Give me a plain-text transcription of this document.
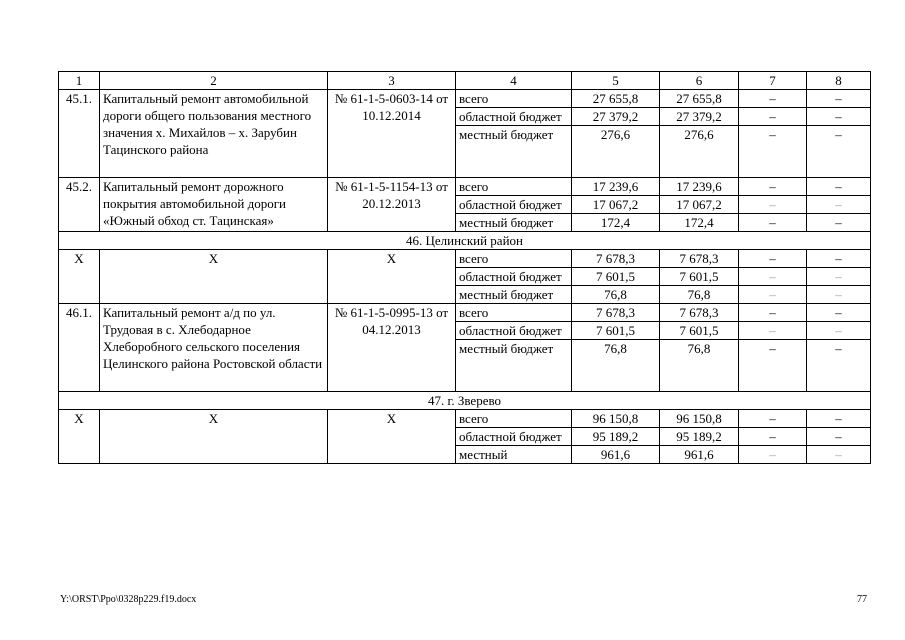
1	2	3	4	5	6	7	8
45.1.	Капитальный ремонт автомобильной дороги общего пользования местного значения х. Михайлов – х. Зарубин Тацинского района	№ 61-1-5-0603-14 от 10.12.2014	всего	27 655,8	27 655,8	–	–
			областной бюджет	27 379,2	27 379,2	–	–
			местный бюджет	276,6	276,6	–	–
45.2.	Капитальный ремонт дорожного покрытия автомобильной дороги «Южный обход ст. Тацинская»	№ 61-1-5-1154-13 от 20.12.2013	всего	17 239,6	17 239,6	–	–
			областной бюджет	17 067,2	17 067,2	–	–
			местный бюджет	172,4	172,4	–	–
46. Целинский район							
Х	Х	Х	всего	7 678,3	7 678,3	–	–
			областной бюджет	7 601,5	7 601,5	–	–
			местный бюджет	76,8	76,8	–	–
46.1.	Капитальный ремонт а/д по ул. Трудовая в с. Хлебодарное Хлеборобного сельского поселения Целинского района Ростовской области	№ 61-1-5-0995-13 от 04.12.2013	всего	7 678,3	7 678,3	–	–
			областной бюджет	7 601,5	7 601,5	–	–
			местный бюджет	76,8	76,8	–	–
47. г. Зверево							
Х	Х	Х	всего	96 150,8	96 150,8	–	–
			областной бюджет	95 189,2	95 189,2	–	–
			местный	961,6	961,6	–	–
Y:\ORST\Ppo\0328p229.f19.docx	77
